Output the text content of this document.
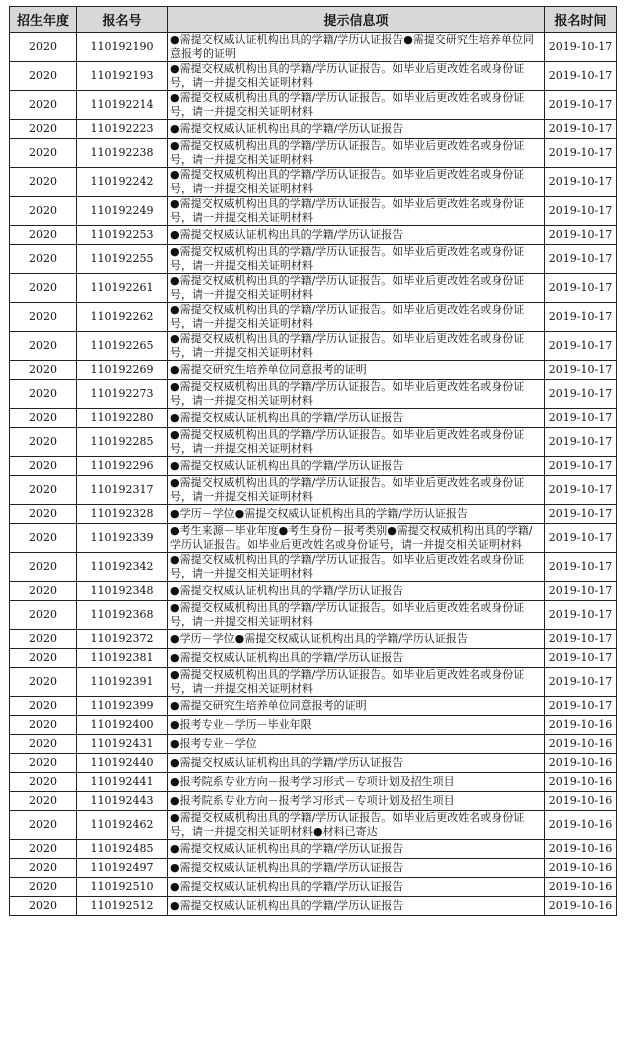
招生年度	报名号	提示信息项	报名时间
2020	110192190	●需提交权威认证机构出具的学籍/学历认证报告●需提交研究生培养单位同意报考的证明	2019-10-17
2020	110192193	●需提交权威机构出具的学籍/学历认证报告。如毕业后更改姓名或身份证号，请一并提交相关证明材料	2019-10-17
2020	110192214	●需提交权威机构出具的学籍/学历认证报告。如毕业后更改姓名或身份证号，请一并提交相关证明材料	2019-10-17
2020	110192223	●需提交权威认证机构出具的学籍/学历认证报告	2019-10-17
2020	110192238	●需提交权威机构出具的学籍/学历认证报告。如毕业后更改姓名或身份证号，请一并提交相关证明材料	2019-10-17
2020	110192242	●需提交权威机构出具的学籍/学历认证报告。如毕业后更改姓名或身份证号，请一并提交相关证明材料	2019-10-17
2020	110192249	●需提交权威机构出具的学籍/学历认证报告。如毕业后更改姓名或身份证号，请一并提交相关证明材料	2019-10-17
2020	110192253	●需提交权威认证机构出具的学籍/学历认证报告	2019-10-17
2020	110192255	●需提交权威机构出具的学籍/学历认证报告。如毕业后更改姓名或身份证号，请一并提交相关证明材料	2019-10-17
2020	110192261	●需提交权威机构出具的学籍/学历认证报告。如毕业后更改姓名或身份证号，请一并提交相关证明材料	2019-10-17
2020	110192262	●需提交权威机构出具的学籍/学历认证报告。如毕业后更改姓名或身份证号，请一并提交相关证明材料	2019-10-17
2020	110192265	●需提交权威机构出具的学籍/学历认证报告。如毕业后更改姓名或身份证号，请一并提交相关证明材料	2019-10-17
2020	110192269	●需提交研究生培养单位同意报考的证明	2019-10-17
2020	110192273	●需提交权威机构出具的学籍/学历认证报告。如毕业后更改姓名或身份证号，请一并提交相关证明材料	2019-10-17
2020	110192280	●需提交权威认证机构出具的学籍/学历认证报告	2019-10-17
2020	110192285	●需提交权威机构出具的学籍/学历认证报告。如毕业后更改姓名或身份证号，请一并提交相关证明材料	2019-10-17
2020	110192296	●需提交权威认证机构出具的学籍/学历认证报告	2019-10-17
2020	110192317	●需提交权威机构出具的学籍/学历认证报告。如毕业后更改姓名或身份证号，请一并提交相关证明材料	2019-10-17
2020	110192328	●学历－学位●需提交权威认证机构出具的学籍/学历认证报告	2019-10-17
2020	110192339	●考生来源－毕业年度●考生身份－报考类别●需提交权威机构出具的学籍/学历认证报告。如毕业后更改姓名或身份证号，请一并提交相关证明材料	2019-10-17
2020	110192342	●需提交权威机构出具的学籍/学历认证报告。如毕业后更改姓名或身份证号，请一并提交相关证明材料	2019-10-17
2020	110192348	●需提交权威认证机构出具的学籍/学历认证报告	2019-10-17
2020	110192368	●需提交权威机构出具的学籍/学历认证报告。如毕业后更改姓名或身份证号，请一并提交相关证明材料	2019-10-17
2020	110192372	●学历－学位●需提交权威认证机构出具的学籍/学历认证报告	2019-10-17
2020	110192381	●需提交权威认证机构出具的学籍/学历认证报告	2019-10-17
2020	110192391	●需提交权威机构出具的学籍/学历认证报告。如毕业后更改姓名或身份证号，请一并提交相关证明材料	2019-10-17
2020	110192399	●需提交研究生培养单位同意报考的证明	2019-10-17
2020	110192400	●报考专业－学历－毕业年限	2019-10-16
2020	110192431	●报考专业－学位	2019-10-16
2020	110192440	●需提交权威认证机构出具的学籍/学历认证报告	2019-10-16
2020	110192441	●报考院系专业方向－报考学习形式－专项计划及招生项目	2019-10-16
2020	110192443	●报考院系专业方向－报考学习形式－专项计划及招生项目	2019-10-16
2020	110192462	●需提交权威机构出具的学籍/学历认证报告。如毕业后更改姓名或身份证号，请一并提交相关证明材料●材料已寄达	2019-10-16
2020	110192485	●需提交权威认证机构出具的学籍/学历认证报告	2019-10-16
2020	110192497	●需提交权威认证机构出具的学籍/学历认证报告	2019-10-16
2020	110192510	●需提交权威认证机构出具的学籍/学历认证报告	2019-10-16
2020	110192512	●需提交权威认证机构出具的学籍/学历认证报告	2019-10-16
